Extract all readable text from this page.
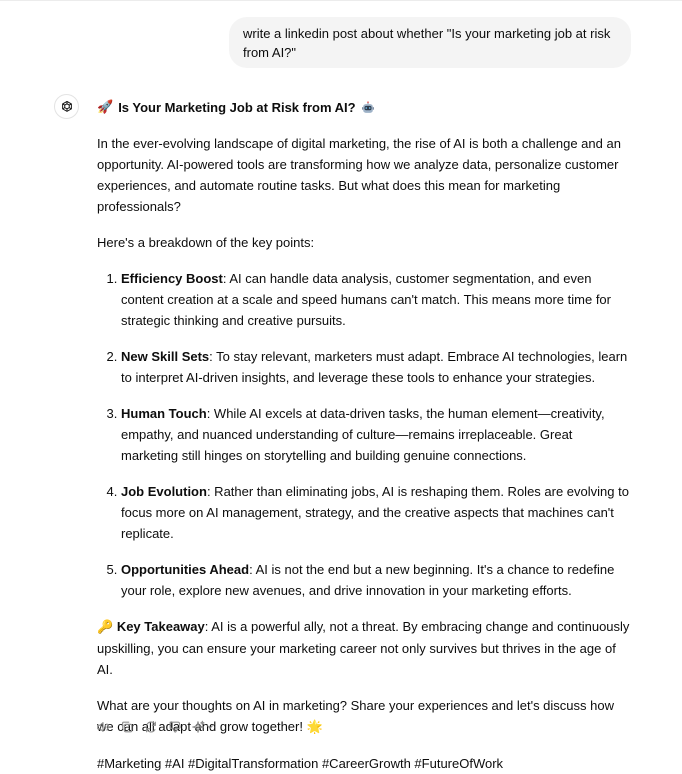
write a linkedin post about whether "Is your marketing job at risk from AI?"
🚀 Is Your Marketing Job at Risk from AI?

In the ever-evolving landscape of digital marketing, the rise of AI is both a challenge and an opportunity. AI-powered tools are transforming how we analyze data, personalize customer experiences, and automate routine tasks. But what does this mean for marketing professionals?

Here's a breakdown of the key points:

1. Efficiency Boost: AI can handle data analysis, customer segmentation, and even content creation at a scale and speed humans can't match. This means more time for strategic thinking and creative pursuits.
2. New Skill Sets: To stay relevant, marketers must adapt. Embrace AI technologies, learn to interpret AI-driven insights, and leverage these tools to enhance your strategies.
3. Human Touch: While AI excels at data-driven tasks, the human element—creativity, empathy, and nuanced understanding of culture—remains irreplaceable. Great marketing still hinges on storytelling and building genuine connections.
4. Job Evolution: Rather than eliminating jobs, AI is reshaping them. Roles are evolving to focus more on AI management, strategy, and the creative aspects that machines can't replicate.
5. Opportunities Ahead: AI is not the end but a new beginning. It's a chance to redefine your role, explore new avenues, and drive innovation in your marketing efforts.

🔑 Key Takeaway: AI is a powerful ally, not a threat. By embracing change and continuously upskilling, you can ensure your marketing career not only survives but thrives in the age of AI.

What are your thoughts on AI in marketing? Share your experiences and let's discuss how we can all adapt and grow together! 🌟

#Marketing #AI #DigitalTransformation #CareerGrowth #FutureOfWork
